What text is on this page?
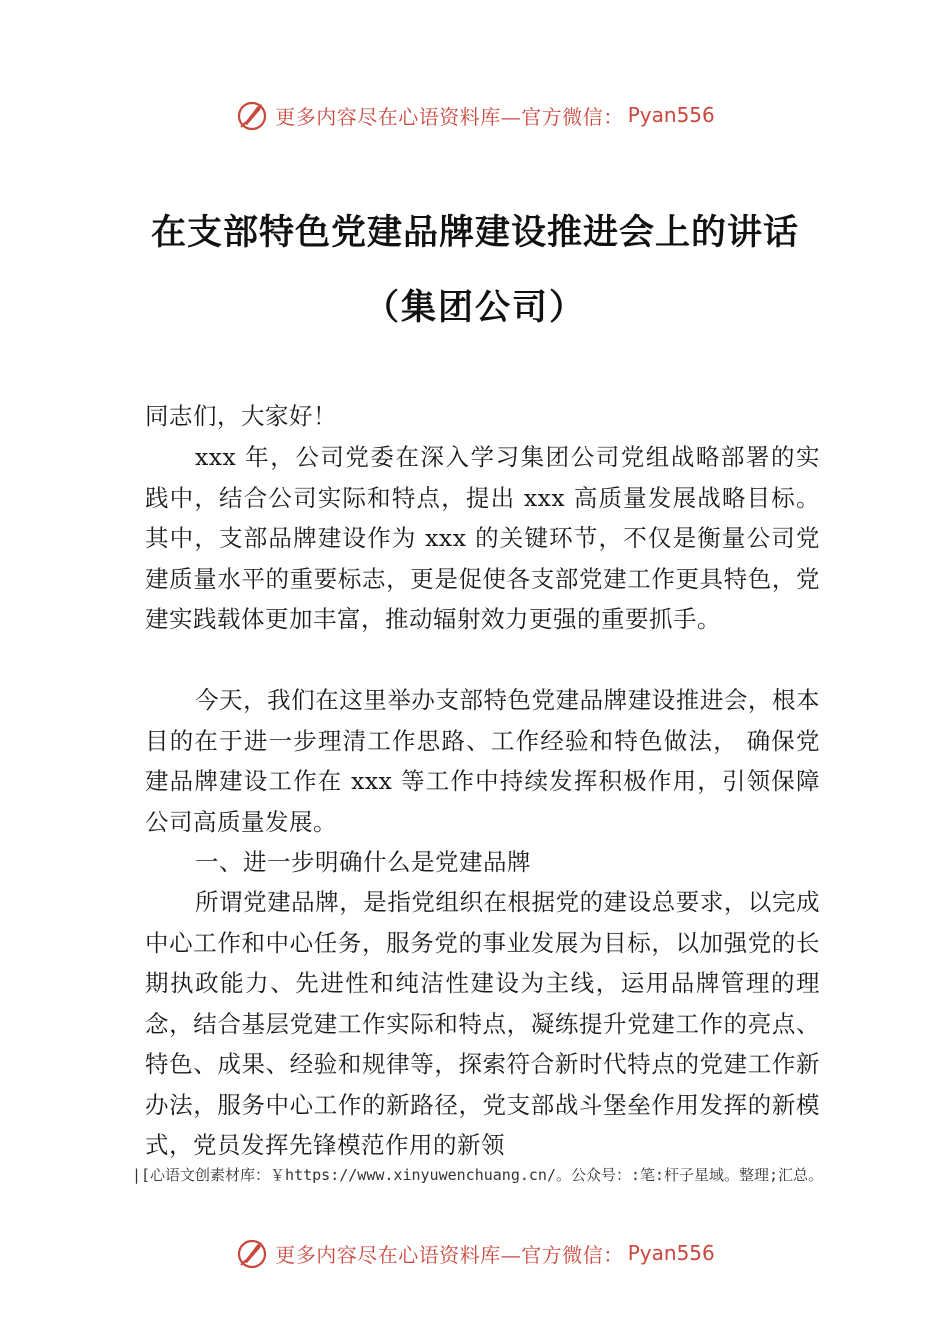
更多内容尽在心语资料库—官方微信： Pyan556
在支部特色党建品牌建设推进会上的讲话
（集团公司）
同志们，大家好！
xxx 年，公司党委在深入学习集团公司党组战略部署的实践中，结合公司实际和特点，提出 xxx 高质量发展战略目标。其中，支部品牌建设作为 xxx 的关键环节，不仅是衡量公司党建质量水平的重要标志，更是促使各支部党建工作更具特色，党建实践载体更加丰富，推动辐射效力更强的重要抓手。
今天，我们在这里举办支部特色党建品牌建设推进会，根本目的在于进一步理清工作思路、工作经验和特色做法， 确保党建品牌建设工作在 xxx 等工作中持续发挥积极作用，引领保障公司高质量发展。
一、进一步明确什么是党建品牌
所谓党建品牌，是指党组织在根据党的建设总要求，以完成中心工作和中心任务，服务党的事业发展为目标，以加强党的长期执政能力、先进性和纯洁性建设为主线，运用品牌管理的理念，结合基层党建工作实际和特点，凝练提升党建工作的亮点、特色、成果、经验和规律等，探索符合新时代特点的党建工作新办法，服务中心工作的新路径，党支部战斗堡垒作用发挥的新模式，党员发挥先锋模范作用的新领
|[心语文创素材库：￥https://www.xinyuwenchuang.cn/。公众号：:笔:杆子星域。整理;汇总。
更多内容尽在心语资料库—官方微信： Pyan556
